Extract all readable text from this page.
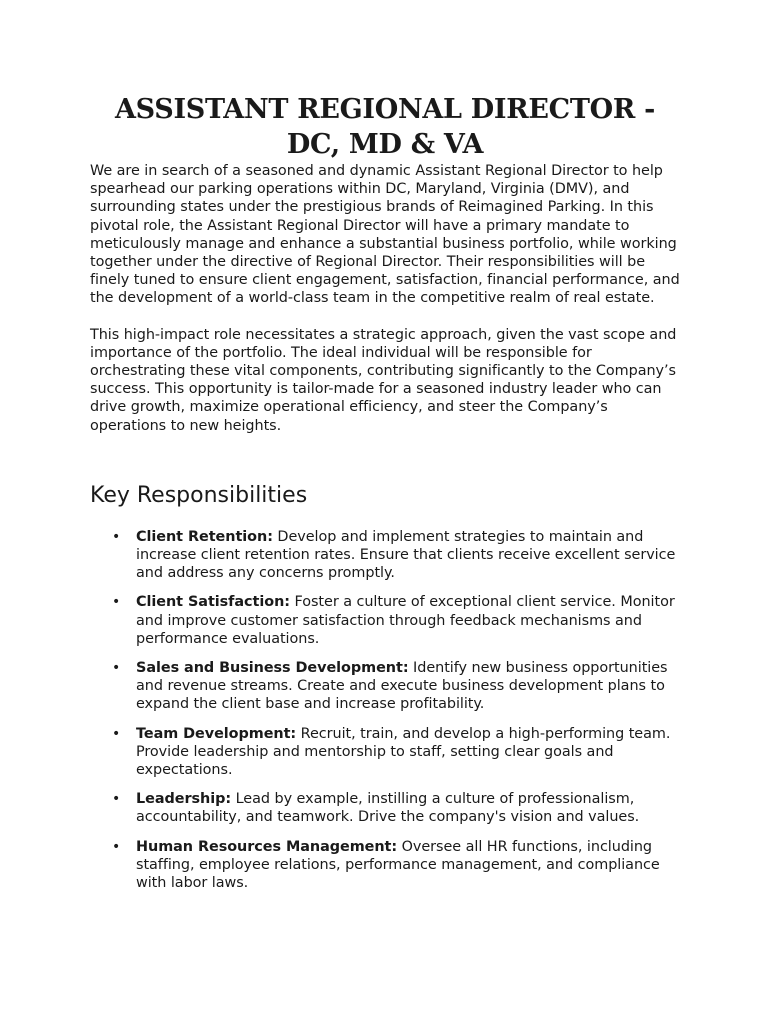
ASSISTANT REGIONAL DIRECTOR - DC, MD & VA

We are in search of a seasoned and dynamic Assistant Regional Director to help spearhead our parking operations within DC, Maryland, Virginia (DMV), and surrounding states under the prestigious brands of Reimagined Parking. In this pivotal role, the Assistant Regional Director will have a primary mandate to meticulously manage and enhance a substantial business portfolio, while working together under the directive of Regional Director. Their responsibilities will be finely tuned to ensure client engagement, satisfaction, financial performance, and the development of a world-class team in the competitive realm of real estate.

This high-impact role necessitates a strategic approach, given the vast scope and importance of the portfolio. The ideal individual will be responsible for orchestrating these vital components, contributing significantly to the Company’s success. This opportunity is tailor-made for a seasoned industry leader who can drive growth, maximize operational efficiency, and steer the Company’s operations to new heights.

Key Responsibilities
• Client Retention: Develop and implement strategies to maintain and increase client retention rates. Ensure that clients receive excellent service and address any concerns promptly.
• Client Satisfaction: Foster a culture of exceptional client service. Monitor and improve customer satisfaction through feedback mechanisms and performance evaluations.
• Sales and Business Development: Identify new business opportunities and revenue streams. Create and execute business development plans to expand the client base and increase profitability.
• Team Development: Recruit, train, and develop a high-performing team. Provide leadership and mentorship to staff, setting clear goals and expectations.
• Leadership: Lead by example, instilling a culture of professionalism, accountability, and teamwork. Drive the company's vision and values.
• Human Resources Management: Oversee all HR functions, including staffing, employee relations, performance management, and compliance with labor laws.
